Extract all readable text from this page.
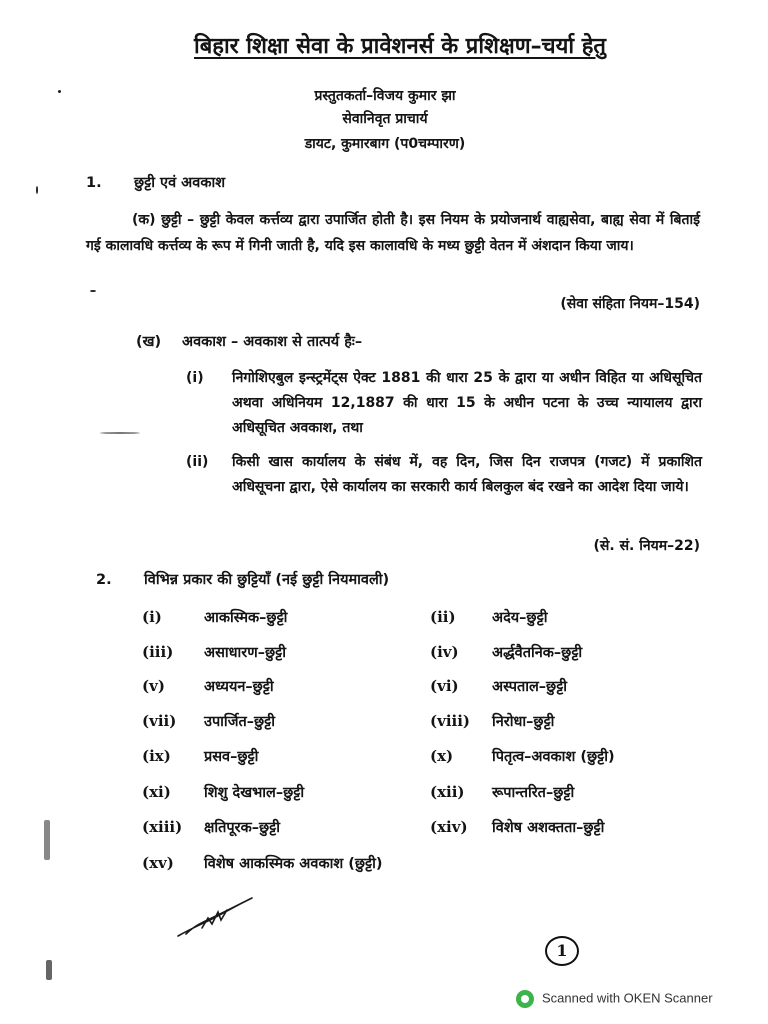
बिहार शिक्षा सेवा के प्रावेशनर्स के प्रशिक्षण–चर्या हेतु
प्रस्तुतकर्ता–विजय कुमार झा
सेवानिवृत प्राचार्य
डायट, कुमारबाग (प0चम्पारण)
1. छुट्टी एवं अवकाश
(क) छुट्टी – छुट्टी केवल कर्त्तव्य द्वारा उपार्जित होती है। इस नियम के प्रयोजनार्थ वाह्यसेवा, बाह्य सेवा में बिताई गई कालावधि कर्त्तव्य के रूप में गिनी जाती है, यदि इस कालावधि के मध्य छुट्टी वेतन में अंशदान किया जाय।
(सेवा संहिता नियम–154)
(ख) अवकाश – अवकाश से तात्पर्य हैः–
(i) निगोशिएबुल इन्स्ट्रमेंट्स ऐक्ट 1881 की धारा 25 के द्वारा या अधीन विहित या अधिसूचित अथवा अधिनियम 12,1887 की धारा 15 के अधीन पटना के उच्च न्यायालय द्वारा अधिसूचित अवकाश, तथा
(ii) किसी खास कार्यालय के संबंध में, वह दिन, जिस दिन राजपत्र (गजट) में प्रकाशित अधिसूचना द्वारा, ऐसे कार्यालय का सरकारी कार्य बिलकुल बंद रखने का आदेश दिया जाये।
(से. सं. नियम–22)
2. विभिन्न प्रकार की छुट्टियाँ (नई छुट्टी नियमावली)
(i)	आकस्मिक–छुट्टी	(ii)	अदेय–छुट्टी
(iii) असाधारण–छुट्टी	(iv) अर्द्धवैतनिक–छुट्टी
(v)	अध्ययन–छुट्टी	(vi) अस्पताल–छुट्टी
(vii) उपार्जित–छुट्टी	(viii) निरोधा–छुट्टी
(ix) प्रसव–छुट्टी	(x)	पितृत्व–अवकाश (छुट्टी)
(xi) शिशु देखभाल–छुट्टी	(xii) रूपान्तरित–छुट्टी
(xiii) क्षतिपूरक–छुट्टी	(xiv) विशेष अशक्तता–छुट्टी
(xv) विशेष आकस्मिक अवकाश (छुट्टी)
1
Scanned with OKEN Scanner
